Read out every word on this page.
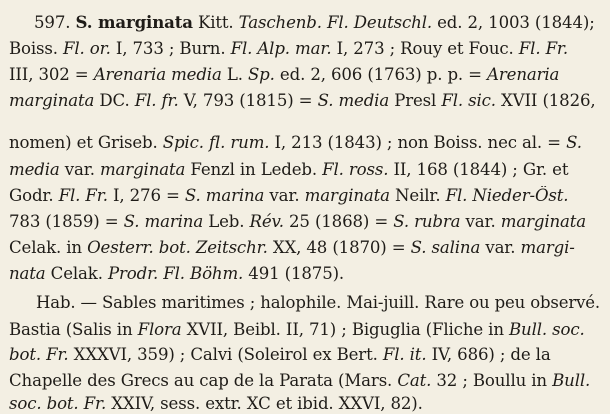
597. S. marginata Kitt. Taschenb. Fl. Deutschl. ed. 2, 1003 (1844);
Boiss. Fl. or. I, 733 ; Burn. Fl. Alp. mar. I, 273 ; Rouy et Fouc. Fl. Fr.
III, 302 = Arenaria media L. Sp. ed. 2, 606 (1763) p. p. = Arenaria
marginata DC. Fl. fr. V, 793 (1815) = S. media Presl Fl. sic. XVII (1826,
nomen) et Griseb. Spic. fl. rum. I, 213 (1843) ; non Boiss. nec al. = S.
media var. marginata Fenzl in Ledeb. Fl. ross. II, 168 (1844) ; Gr. et
Godr. Fl. Fr. I, 276 = S. marina var. marginata Neilr. Fl. Nieder-Öst.
783 (1859) = S. marina Leb. Rév. 25 (1868) = S. rubra var. marginata
Celak. in Oesterr. bot. Zeitschr. XX, 48 (1870) = S. salina var. margi-
nata Celak. Prodr. Fl. Böhm. 491 (1875).
Hab. — Sables maritimes ; halophile. Mai-juill. Rare ou peu observé.
Bastia (Salis in Flora XVII, Beibl. II, 71) ; Biguglia (Fliche in Bull. soc.
bot. Fr. XXXVI, 359) ; Calvi (Soleirol ex Bert. Fl. it. IV, 686) ; de la
Chapelle des Grecs au cap de la Parata (Mars. Cat. 32 ; Boullu in Bull.
soc. bot. Fr. XXIV, sess. extr. XC et ibid. XXVI, 82).
